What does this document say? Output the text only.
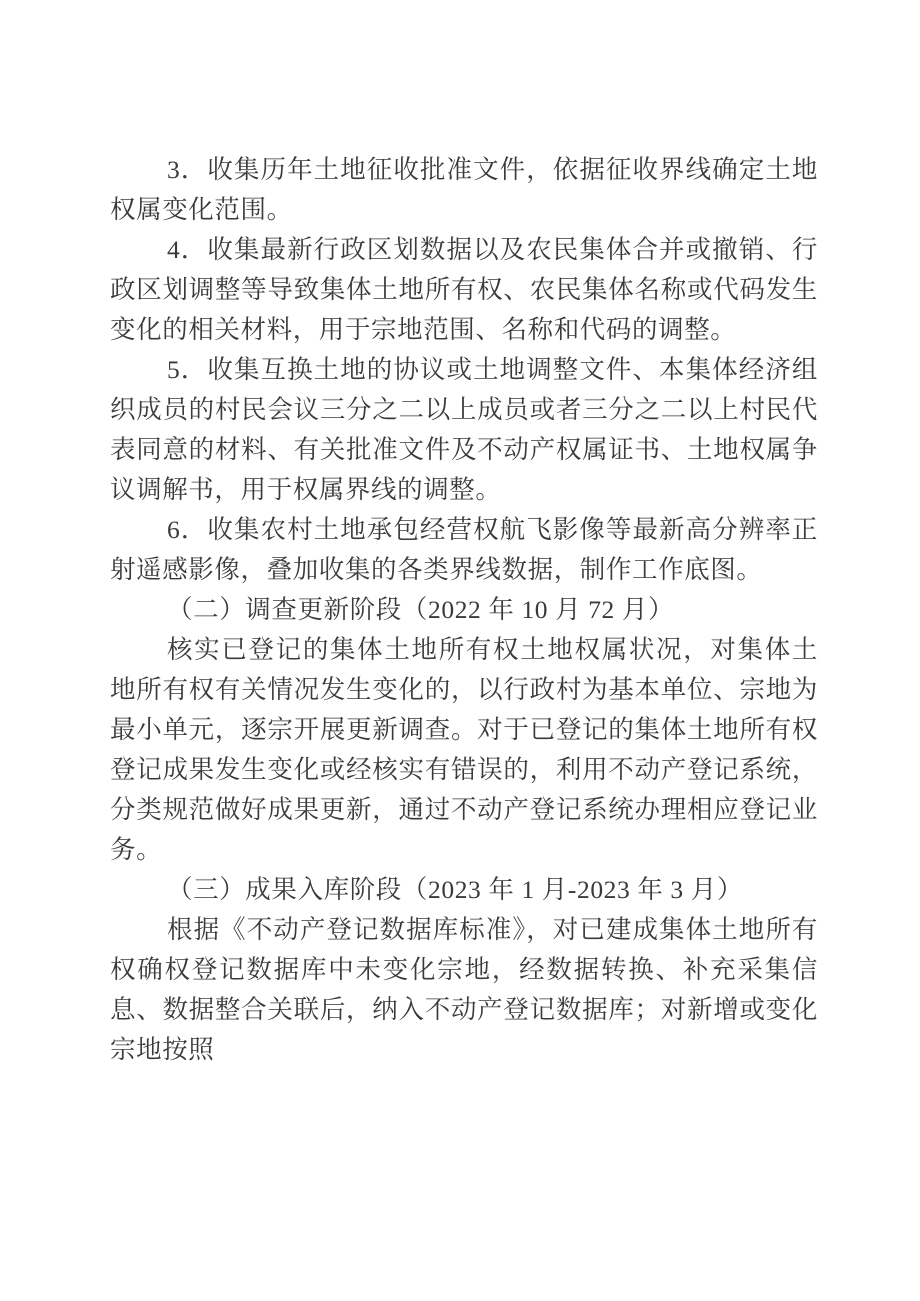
3．收集历年土地征收批准文件，依据征收界线确定土地权属变化范围。

4．收集最新行政区划数据以及农民集体合并或撤销、行政区划调整等导致集体土地所有权、农民集体名称或代码发生变化的相关材料，用于宗地范围、名称和代码的调整。

5．收集互换土地的协议或土地调整文件、本集体经济组织成员的村民会议三分之二以上成员或者三分之二以上村民代表同意的材料、有关批准文件及不动产权属证书、土地权属争议调解书，用于权属界线的调整。

6．收集农村土地承包经营权航飞影像等最新高分辨率正射遥感影像，叠加收集的各类界线数据，制作工作底图。

（二）调查更新阶段（2022 年 10 月 72 月）

核实已登记的集体土地所有权土地权属状况，对集体土地所有权有关情况发生变化的，以行政村为基本单位、宗地为最小单元，逐宗开展更新调查。对于已登记的集体土地所有权登记成果发生变化或经核实有错误的，利用不动产登记系统，分类规范做好成果更新，通过不动产登记系统办理相应登记业务。

（三）成果入库阶段（2023 年 1 月-2023 年 3 月）

根据《不动产登记数据库标准》，对已建成集体土地所有权确权登记数据库中未变化宗地，经数据转换、补充采集信息、数据整合关联后，纳入不动产登记数据库；对新增或变化宗地按照
